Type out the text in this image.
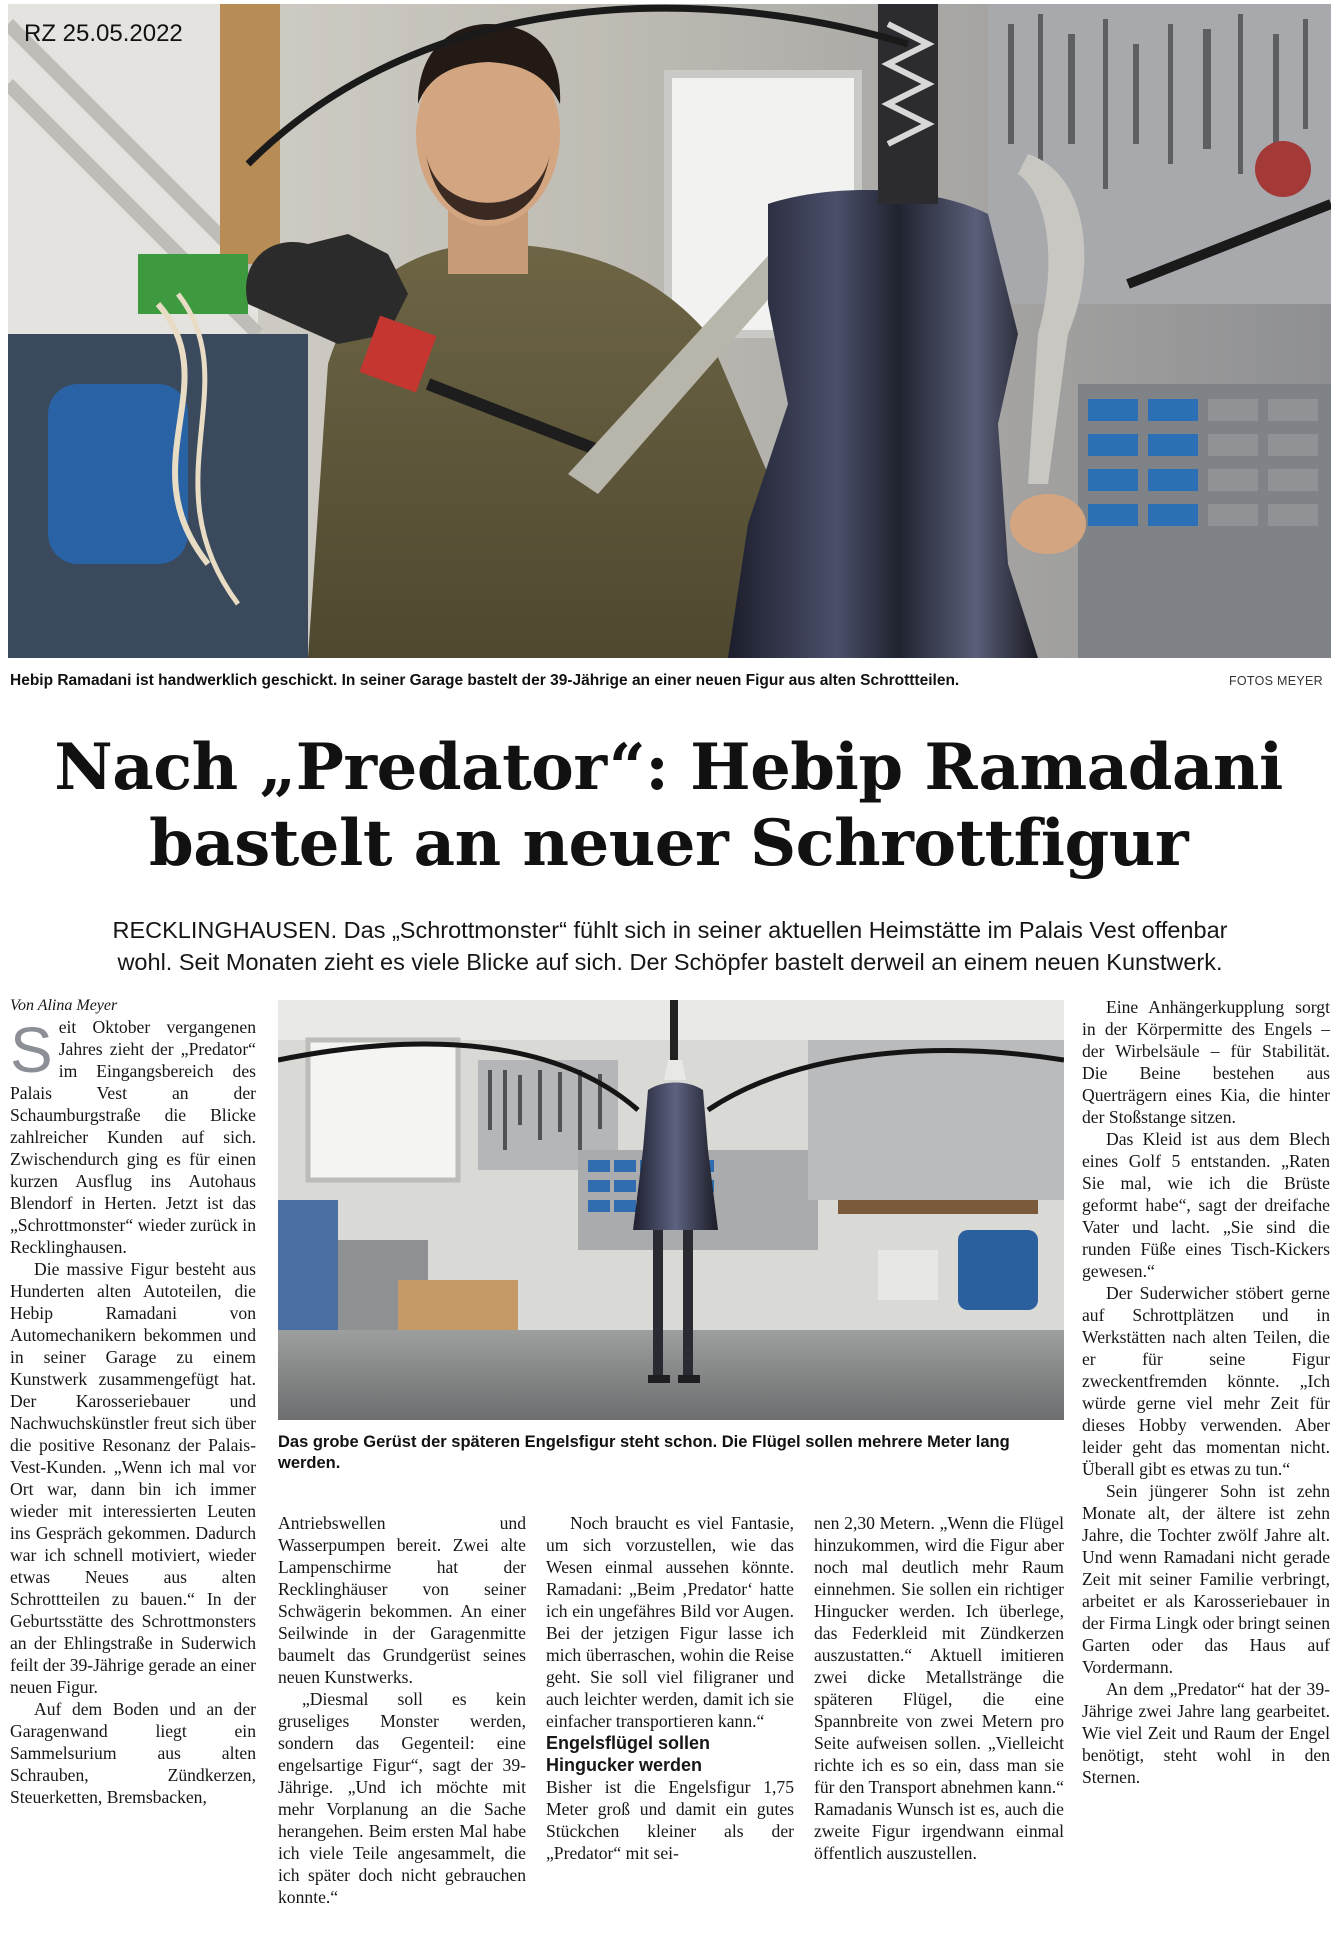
RZ 25.05.2022
Hebip Ramadani ist handwerklich geschickt. In seiner Garage bastelt der 39-Jährige an einer neuen Figur aus alten Schrottteilen.	FOTOS MEYER
Nach „Predator“: Hebip Ramadani
bastelt an neuer Schrottfigur
RECKLINGHAUSEN. Das „Schrottmonster“ fühlt sich in seiner aktuellen Heimstätte im Palais Vest offenbar
wohl. Seit Monaten zieht es viele Blicke auf sich. Der Schöpfer bastelt derweil an einem neuen Kunstwerk.

Von Alina Meyer

Seit Oktober vergangenen Jahres zieht der „Predator“ im Eingangsbereich des Palais Vest an der Schaumburgstraße die Blicke zahlreicher Kunden auf sich. Zwischendurch ging es für einen kurzen Ausflug ins Autohaus Blendorf in Herten. Jetzt ist das „Schrottmonster“ wieder zurück in Recklinghausen.

Die massive Figur besteht aus Hunderten alten Autoteilen, die Hebip Ramadani von Automechanikern bekommen und in seiner Garage zu einem Kunstwerk zusammengefügt hat. Der Karosseriebauer und Nachwuchskünstler freut sich über die positive Resonanz der Palais-Vest-Kunden. „Wenn ich mal vor Ort war, dann bin ich immer wieder mit interessierten Leuten ins Gespräch gekommen. Dadurch war ich schnell motiviert, wieder etwas Neues aus alten Schrottteilen zu bauen.“ In der Geburtsstätte des Schrottmonsters an der Ehlingstraße in Suderwich feilt der 39-Jährige gerade an einer neuen Figur.

Auf dem Boden und an der Garagenwand liegt ein Sammelsurium aus alten Schrauben, Zündkerzen, Steuerketten, Bremsbacken,

Das grobe Gerüst der späteren Engelsfigur steht schon. Die Flügel sollen mehrere Meter lang werden.

Antriebswellen und Wasserpumpen bereit. Zwei alte Lampenschirme hat der Recklinghäuser von seiner Schwägerin bekommen. An einer Seilwinde in der Garagenmitte baumelt das Grundgerüst seines neuen Kunstwerks.

„Diesmal soll es kein gruseliges Monster werden, sondern das Gegenteil: eine engelsartige Figur“, sagt der 39-Jährige. „Und ich möchte mit mehr Vorplanung an die Sache herangehen. Beim ersten Mal habe ich viele Teile angesammelt, die ich später doch nicht gebrauchen konnte.“

Noch braucht es viel Fantasie, um sich vorzustellen, wie das Wesen einmal aussehen könnte. Ramadani: „Beim ‚Predator‘ hatte ich ein ungefähres Bild vor Augen. Bei der jetzigen Figur lasse ich mich überraschen, wohin die Reise geht. Sie soll viel filigraner und auch leichter werden, damit ich sie einfacher transportieren kann.“

Engelsflügel sollen Hingucker werden

Bisher ist die Engelsfigur 1,75 Meter groß und damit ein gutes Stückchen kleiner als der „Predator“ mit sei-

nen 2,30 Metern. „Wenn die Flügel hinzukommen, wird die Figur aber noch mal deutlich mehr Raum einnehmen. Sie sollen ein richtiger Hingucker werden. Ich überlege, das Federkleid mit Zündkerzen auszustatten.“ Aktuell imitieren zwei dicke Metallstränge die späteren Flügel, die eine Spannbreite von zwei Metern pro Seite aufweisen sollen. „Vielleicht richte ich es so ein, dass man sie für den Transport abnehmen kann.“ Ramadanis Wunsch ist es, auch die zweite Figur irgendwann einmal öffentlich auszustellen.

Eine Anhängerkupplung sorgt in der Körpermitte des Engels – der Wirbelsäule – für Stabilität. Die Beine bestehen aus Querträgern eines Kia, die hinter der Stoßstange sitzen.

Das Kleid ist aus dem Blech eines Golf 5 entstanden. „Raten Sie mal, wie ich die Brüste geformt habe“, sagt der dreifache Vater und lacht. „Sie sind die runden Füße eines Tisch-Kickers gewesen.“

Der Suderwicher stöbert gerne auf Schrottplätzen und in Werkstätten nach alten Teilen, die er für seine Figur zweckentfremden könnte. „Ich würde gerne viel mehr Zeit für dieses Hobby verwenden. Aber leider geht das momentan nicht. Überall gibt es etwas zu tun.“

Sein jüngerer Sohn ist zehn Monate alt, der ältere ist zehn Jahre, die Tochter zwölf Jahre alt. Und wenn Ramadani nicht gerade Zeit mit seiner Familie verbringt, arbeitet er als Karosseriebauer in der Firma Lingk oder bringt seinen Garten oder das Haus auf Vordermann.

An dem „Predator“ hat der 39-Jährige zwei Jahre lang gearbeitet. Wie viel Zeit und Raum der Engel benötigt, steht wohl in den Sternen.
